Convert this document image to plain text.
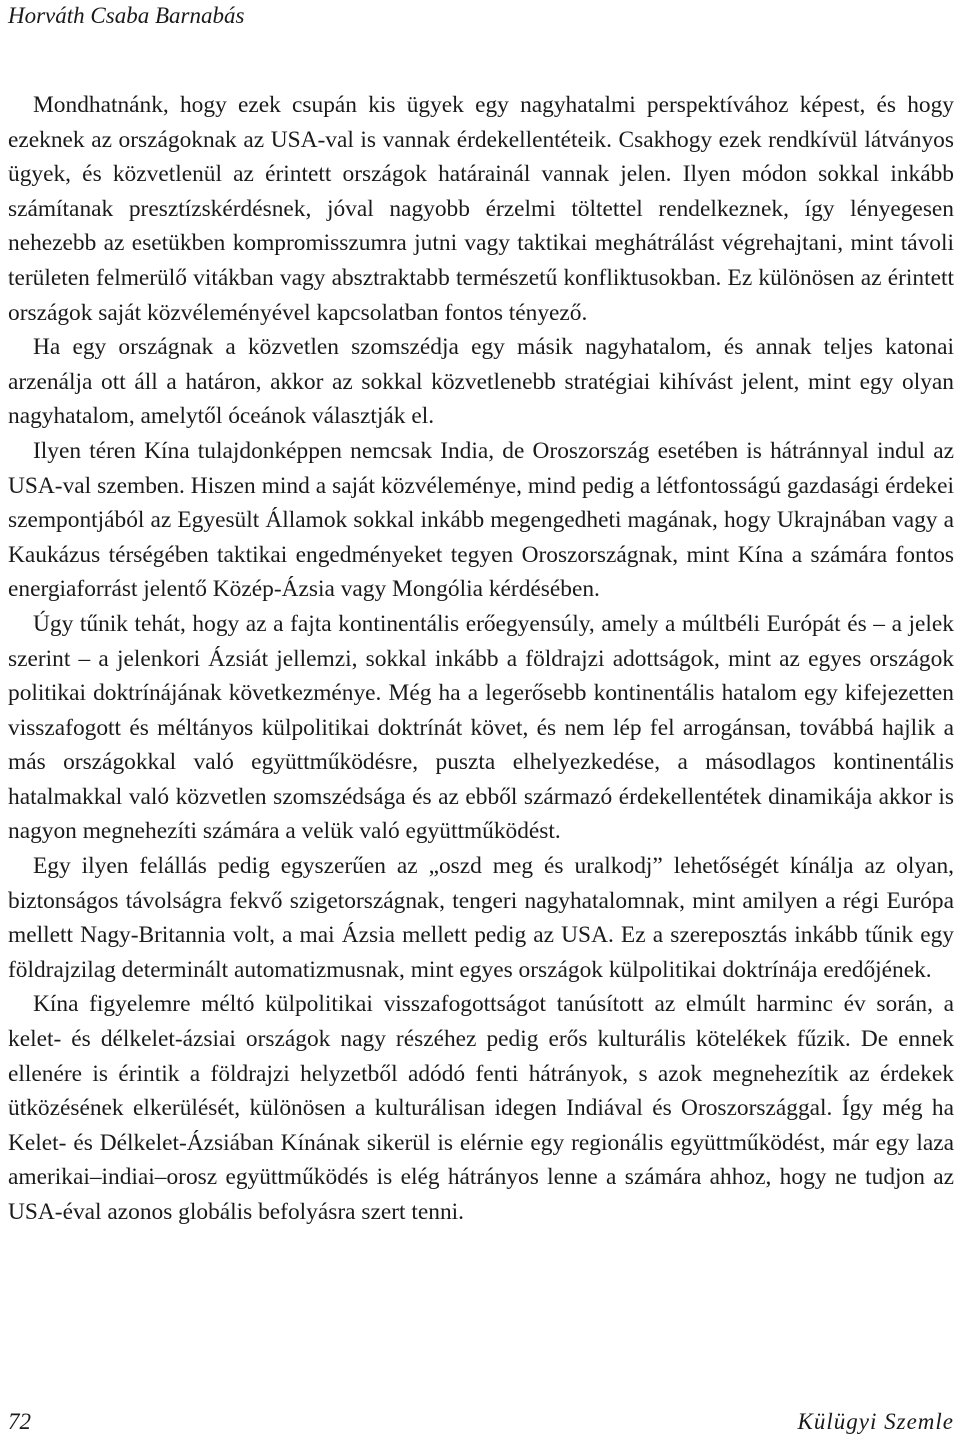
Horváth Csaba Barnabás

Mondhatnánk, hogy ezek csupán kis ügyek egy nagyhatalmi perspektívához képest, és hogy ezeknek az országoknak az USA-val is vannak érdekellentéteik. Csakhogy ezek rendkívül látványos ügyek, és közvetlenül az érintett országok határainál vannak jelen. Ilyen módon sokkal inkább számítanak presztízskérdésnek, jóval nagyobb érzelmi töltettel rendelkeznek, így lényegesen nehezebb az esetükben kompromisszumra jutni vagy taktikai meghátrálást végrehajtani, mint távoli területen felmerülő vitákban vagy absztraktabb természetű konfliktusokban. Ez különösen az érintett országok saját közvéleményével kapcsolatban fontos tényező.

Ha egy országnak a közvetlen szomszédja egy másik nagyhatalom, és annak teljes katonai arzenálja ott áll a határon, akkor az sokkal közvetlenebb stratégiai kihívást jelent, mint egy olyan nagyhatalom, amelytől óceánok választják el.

Ilyen téren Kína tulajdonképpen nemcsak India, de Oroszország esetében is hátránnyal indul az USA-val szemben. Hiszen mind a saját közvéleménye, mind pedig a létfontosságú gazdasági érdekei szempontjából az Egyesült Államok sokkal inkább megengedheti magának, hogy Ukrajnában vagy a Kaukázus térségében taktikai engedményeket tegyen Oroszországnak, mint Kína a számára fontos energiaforrást jelentő Közép-Ázsia vagy Mongólia kérdésében.

Úgy tűnik tehát, hogy az a fajta kontinentális erőegyensúly, amely a múltbéli Európát és – a jelek szerint – a jelenkori Ázsiát jellemzi, sokkal inkább a földrajzi adottságok, mint az egyes országok politikai doktrínájának következménye. Még ha a legerősebb kontinentális hatalom egy kifejezetten visszafogott és méltányos külpolitikai doktrínát követ, és nem lép fel arrogánsan, továbbá hajlik a más országokkal való együttműködésre, puszta elhelyezkedése, a másodlagos kontinentális hatalmakkal való közvetlen szomszédsága és az ebből származó érdekellentétek dinamikája akkor is nagyon megnehezíti számára a velük való együttműködést.

Egy ilyen felállás pedig egyszerűen az „oszd meg és uralkodj” lehetőségét kínálja az olyan, biztonságos távolságra fekvő szigetországnak, tengeri nagyhatalomnak, mint amilyen a régi Európa mellett Nagy-Britannia volt, a mai Ázsia mellett pedig az USA. Ez a szereposztás inkább tűnik egy földrajzilag determinált automatizmusnak, mint egyes országok külpolitikai doktrínája eredőjének.

Kína figyelemre méltó külpolitikai visszafogottságot tanúsított az elmúlt harminc év során, a kelet- és délkelet-ázsiai országok nagy részéhez pedig erős kulturális kötelékek fűzik. De ennek ellenére is érintik a földrajzi helyzetből adódó fenti hátrányok, s azok megnehezítik az érdekek ütközésének elkerülését, különösen a kulturálisan idegen Indiával és Oroszországgal. Így még ha Kelet- és Délkelet-Ázsiában Kínának sikerül is elérnie egy regionális együttműködést, már egy laza amerikai–indiai–orosz együttműködés is elég hátrányos lenne a számára ahhoz, hogy ne tudjon az USA-éval azonos globális befolyásra szert tenni.

72	Külügyi Szemle
